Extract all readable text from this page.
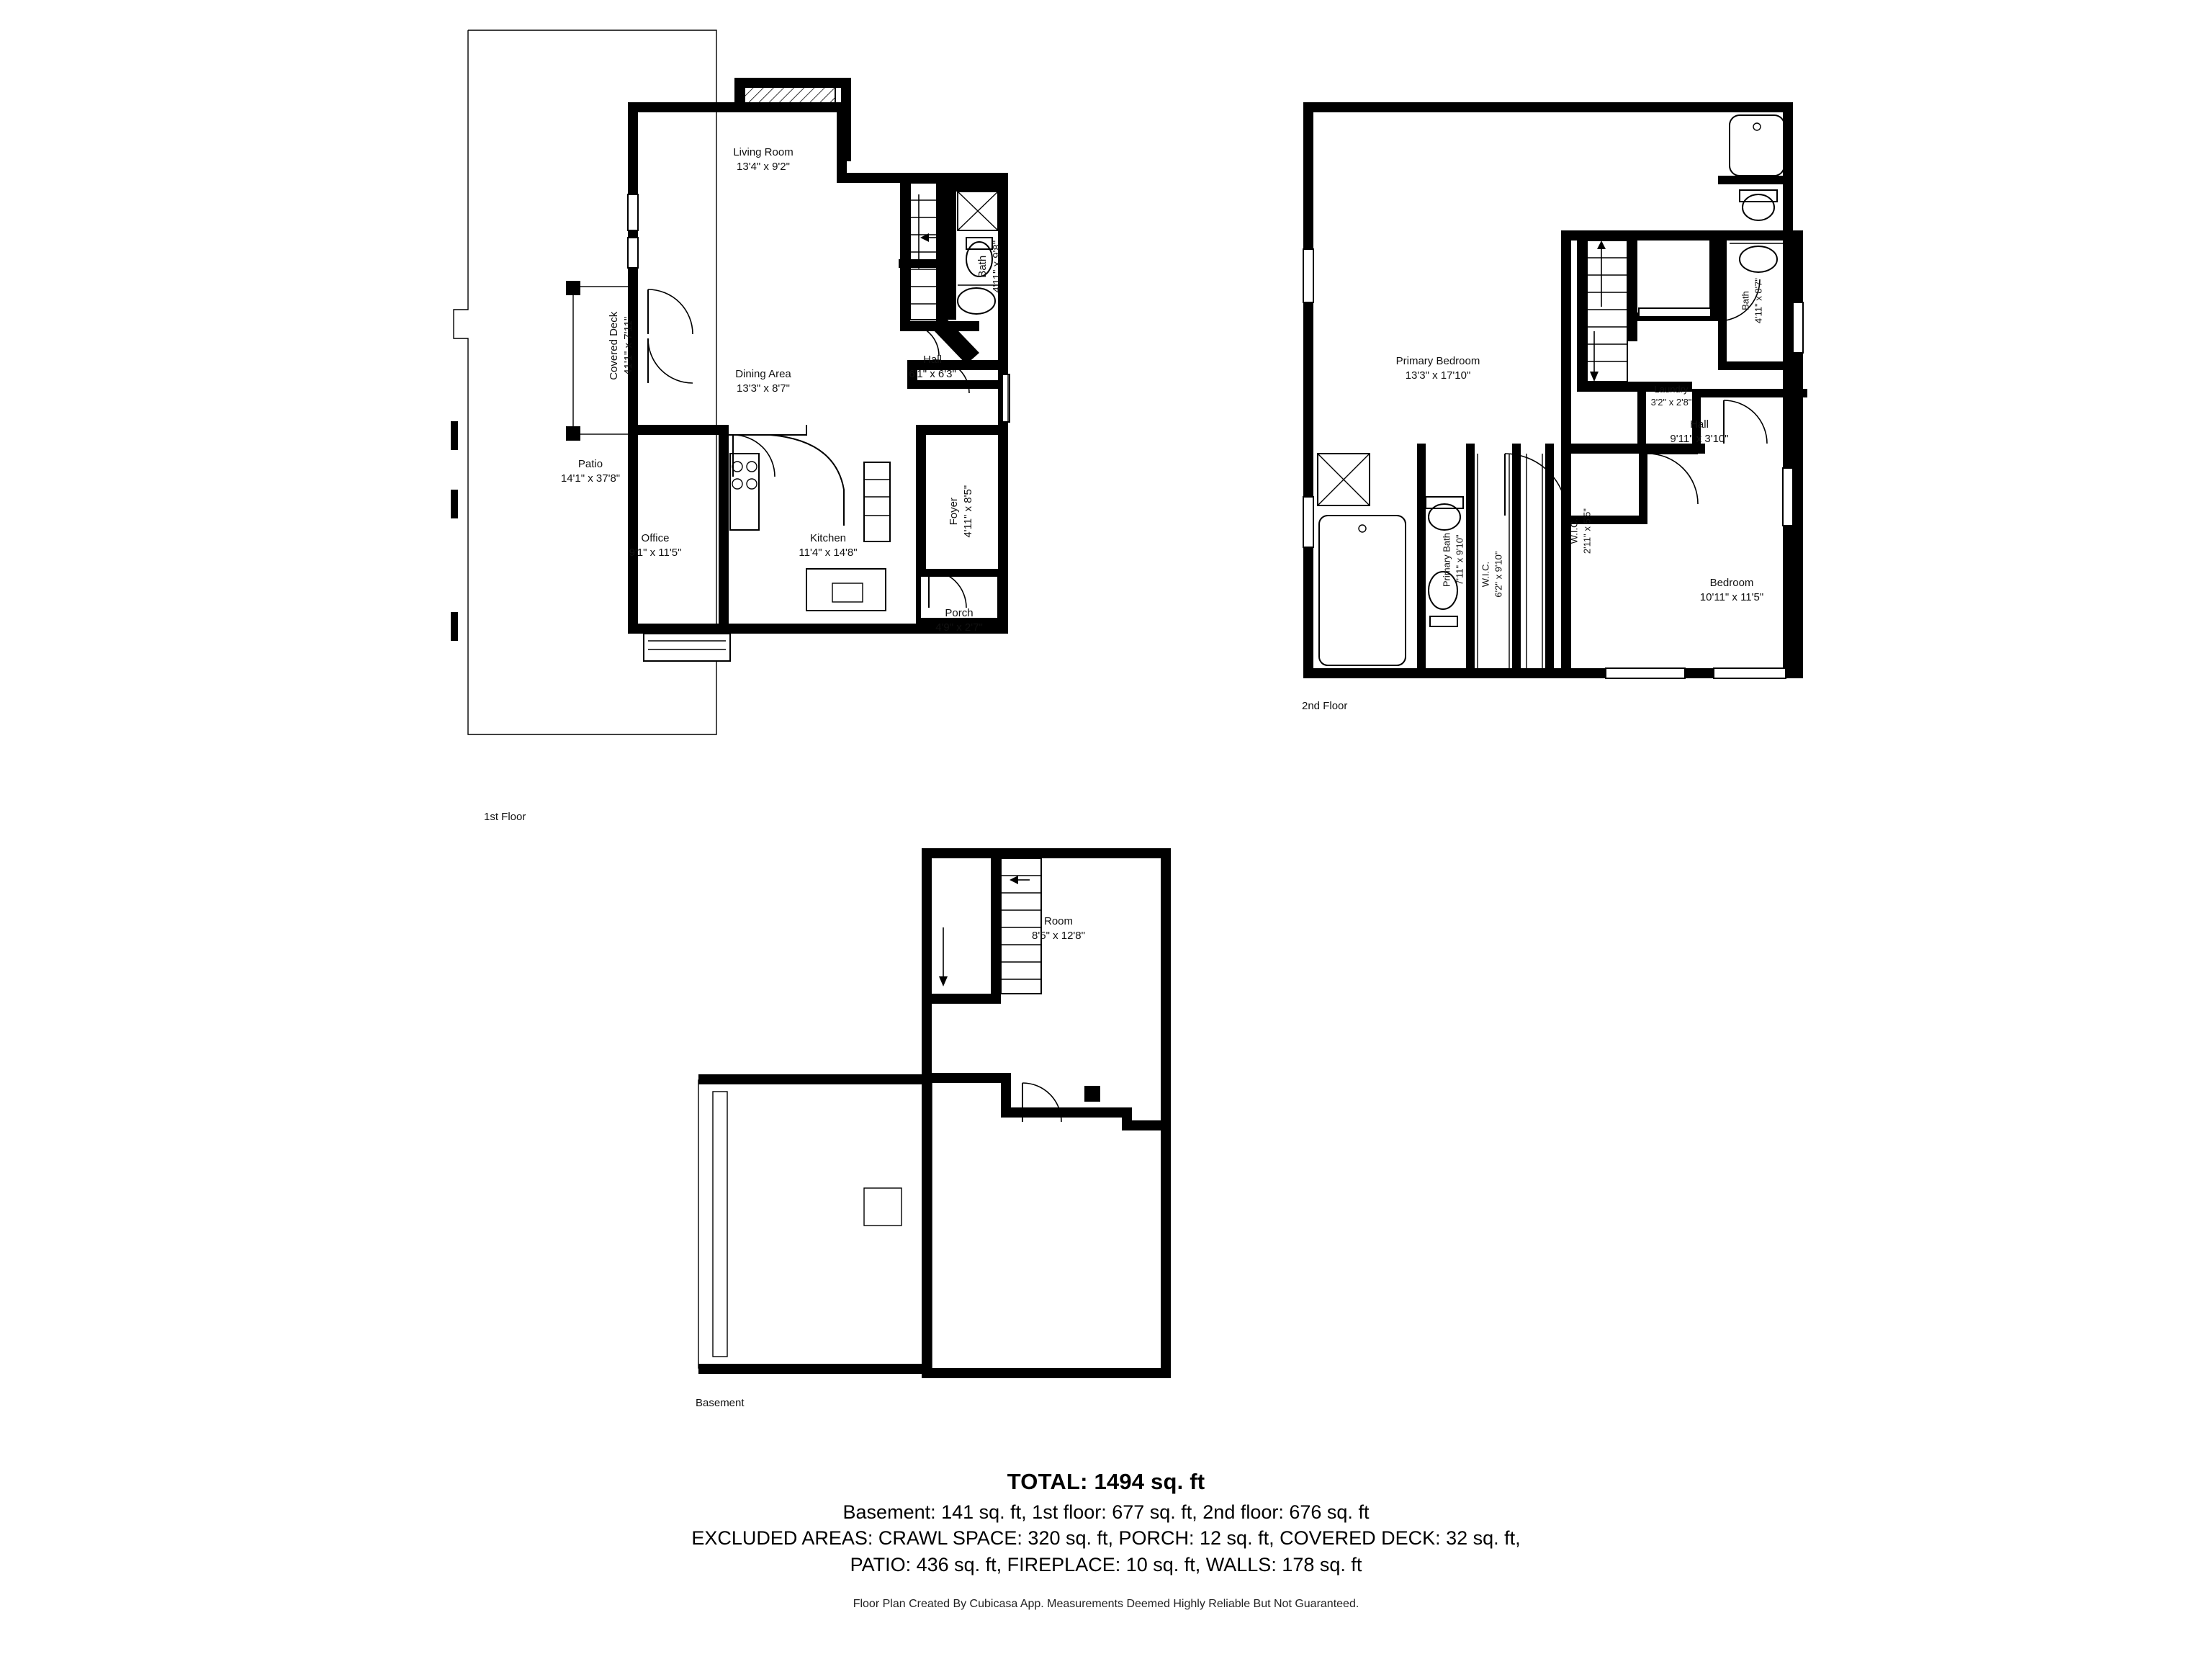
Living Room
13'4" x 9'2"
Dining Area
13'3" x 8'7"
Office
9'1" x 11'5"
Kitchen
11'4" x 14'8"
Bath 4'11" x 9'8"
Hall
6'1" x 6'3"
Foyer 4'11" x 8'5"
Porch
4'9" x 2'7"
Covered Deck 41'1" x 7'11"
Patio
14'1" x 37'8"
1st Floor
Primary Bedroom
13'3" x 17'10"
Laundry
3'2" x 2'8"
Bath 4'11" x 8'7"
Hall
9'11" x 3'10"
Primary Bath 7'11" x 9'10" W.I.C. 6'2" x 9'10"
W.I.C. 2'11" x 5'5"
Bedroom
10'11" x 11'5"
2nd Floor
Room
8'5" x 12'8"
Basement
TOTAL: 1494 sq. ft
Basement: 141 sq. ft, 1st floor: 677 sq. ft, 2nd floor: 676 sq. ft
EXCLUDED AREAS: CRAWL SPACE: 320 sq. ft, PORCH: 12 sq. ft, COVERED DECK: 32 sq. ft,
PATIO: 436 sq. ft, FIREPLACE: 10 sq. ft, WALLS: 178 sq. ft
Floor Plan Created By Cubicasa App. Measurements Deemed Highly Reliable But Not Guaranteed.
